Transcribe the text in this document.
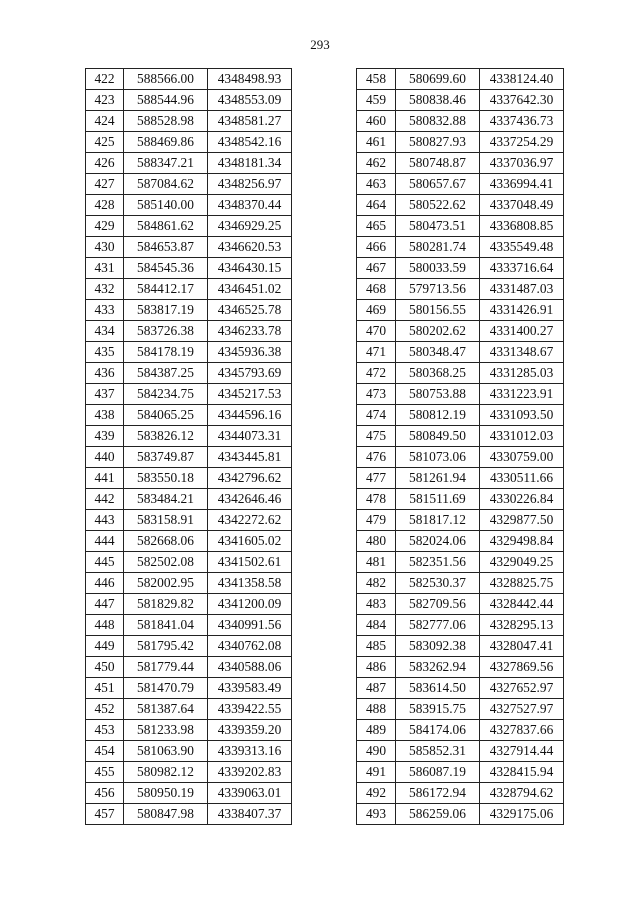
293
422	588566.00	4348498.93
423	588544.96	4348553.09
424	588528.98	4348581.27
425	588469.86	4348542.16
426	588347.21	4348181.34
427	587084.62	4348256.97
428	585140.00	4348370.44
429	584861.62	4346929.25
430	584653.87	4346620.53
431	584545.36	4346430.15
432	584412.17	4346451.02
433	583817.19	4346525.78
434	583726.38	4346233.78
435	584178.19	4345936.38
436	584387.25	4345793.69
437	584234.75	4345217.53
438	584065.25	4344596.16
439	583826.12	4344073.31
440	583749.87	4343445.81
441	583550.18	4342796.62
442	583484.21	4342646.46
443	583158.91	4342272.62
444	582668.06	4341605.02
445	582502.08	4341502.61
446	582002.95	4341358.58
447	581829.82	4341200.09
448	581841.04	4340991.56
449	581795.42	4340762.08
450	581779.44	4340588.06
451	581470.79	4339583.49
452	581387.64	4339422.55
453	581233.98	4339359.20
454	581063.90	4339313.16
455	580982.12	4339202.83
456	580950.19	4339063.01
457	580847.98	4338407.37
458	580699.60	4338124.40
459	580838.46	4337642.30
460	580832.88	4337436.73
461	580827.93	4337254.29
462	580748.87	4337036.97
463	580657.67	4336994.41
464	580522.62	4337048.49
465	580473.51	4336808.85
466	580281.74	4335549.48
467	580033.59	4333716.64
468	579713.56	4331487.03
469	580156.55	4331426.91
470	580202.62	4331400.27
471	580348.47	4331348.67
472	580368.25	4331285.03
473	580753.88	4331223.91
474	580812.19	4331093.50
475	580849.50	4331012.03
476	581073.06	4330759.00
477	581261.94	4330511.66
478	581511.69	4330226.84
479	581817.12	4329877.50
480	582024.06	4329498.84
481	582351.56	4329049.25
482	582530.37	4328825.75
483	582709.56	4328442.44
484	582777.06	4328295.13
485	583092.38	4328047.41
486	583262.94	4327869.56
487	583614.50	4327652.97
488	583915.75	4327527.97
489	584174.06	4327837.66
490	585852.31	4327914.44
491	586087.19	4328415.94
492	586172.94	4328794.62
493	586259.06	4329175.06
